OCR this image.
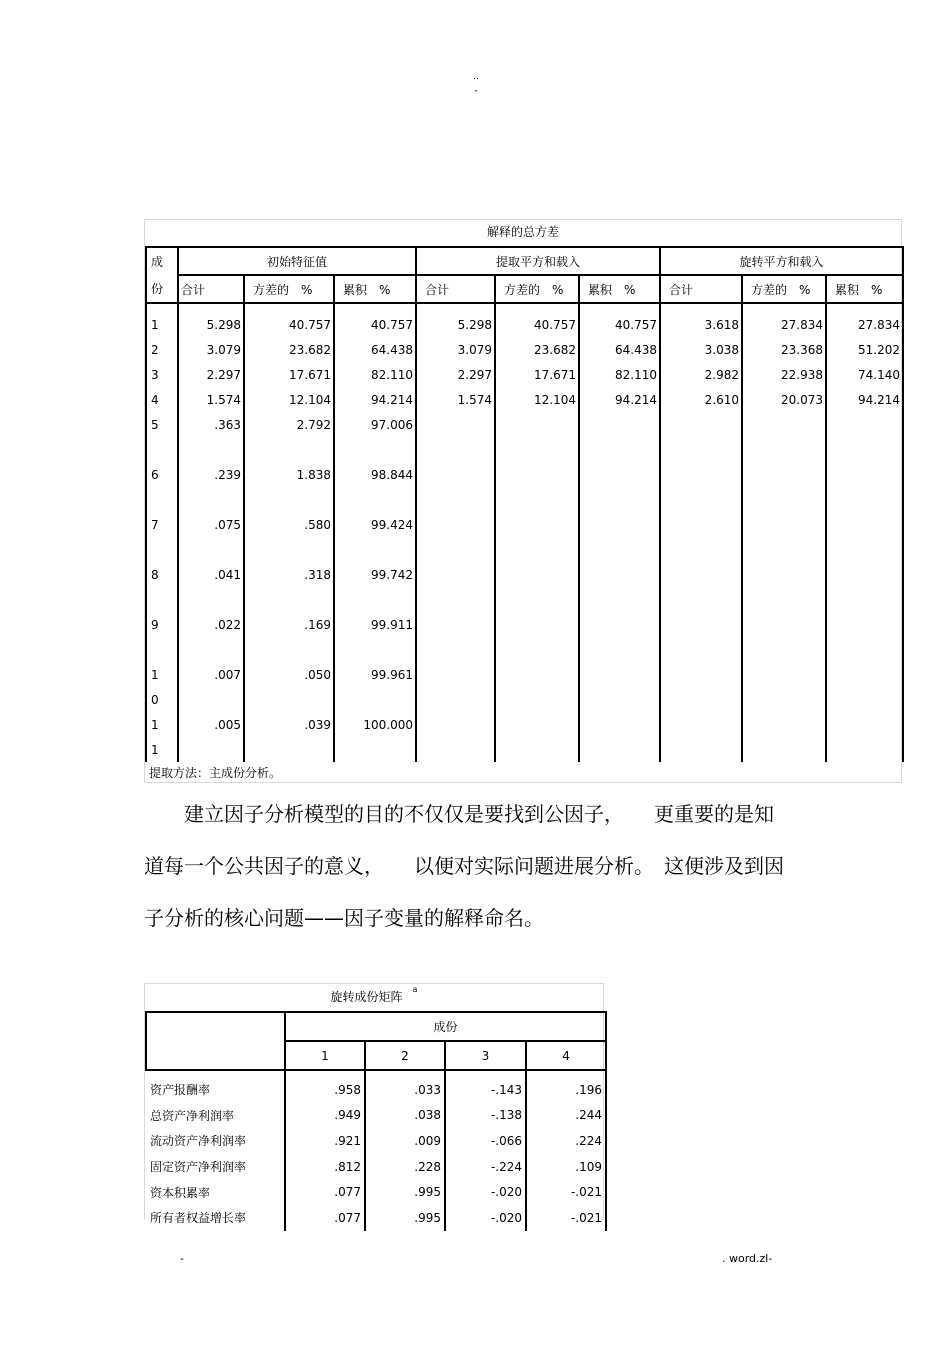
..
-
解释的总方差
成	初始特征值			提取平方和载入			旋转平方和载入		
份	合计	方差的　%	累积　%	合计	方差的　%	累积　%	合计	方差的　%	累积　%
1	5.298	40.757	40.757	5.298	40.757	40.757	3.618	27.834	27.834
2	3.079	23.682	64.438	3.079	23.682	64.438	3.038	23.368	51.202
3	2.297	17.671	82.110	2.297	17.671	82.110	2.982	22.938	74.140
4	1.574	12.104	94.214	1.574	12.104	94.214	2.610	20.073	94.214
5	.363	2.792	97.006						

6	.239	1.838	98.844						

7	.075	.580	99.424						

8	.041	.318	99.742						

9	.022	.169	99.911						

1	.007	.050	99.961						
0									
1	.005	.039	100.000						
1									
提取方法：主成份分析。

　　建立因子分析模型的目的不仅仅是要找到公因子，　　更重要的是知

道每一个公共因子的意义，　　以便对实际问题进展分析。　这便涉及到因

子分析的核心问题——因子变量的解释命名。

旋转成份矩阵$^a$
	成份			
	1	2	3	4
资产报酬率	.958	.033	-.143	.196
总资产净利润率	.949	.038	-.138	.244
流动资产净利润率	.921	.009	-.066	.224
固定资产净利润率	.812	.228	-.224	.109
资本积累率	.077	.995	-.020	-.021
所有者权益增长率	.077	.995	-.020	-.021
-	. word.zl-
